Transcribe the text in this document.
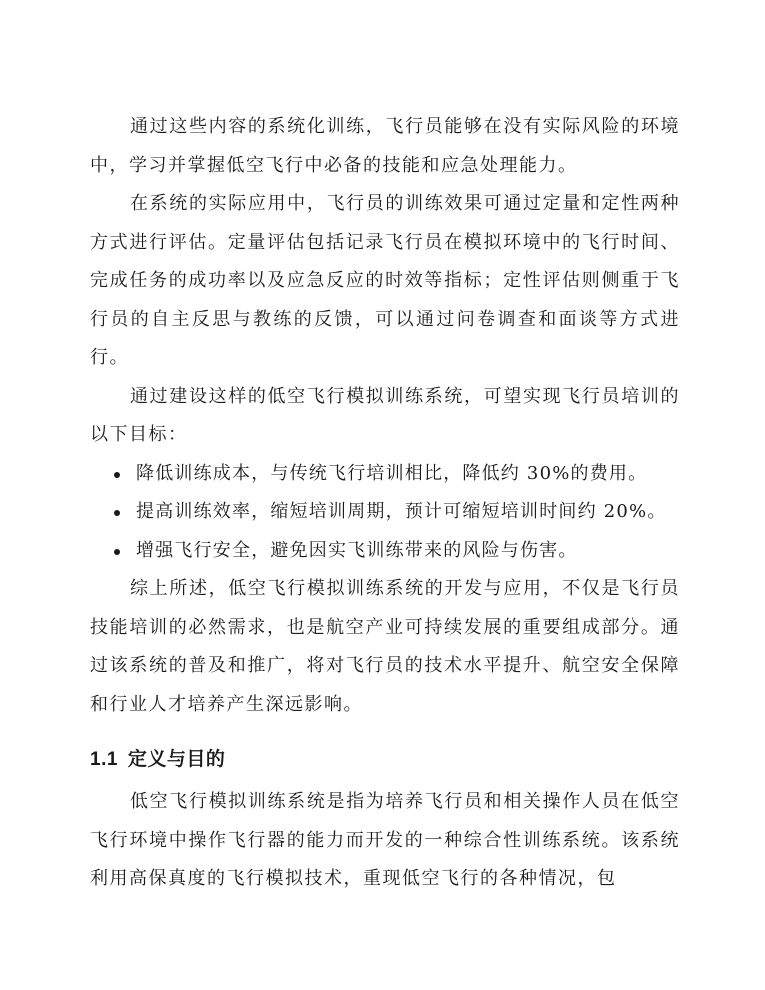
通过这些内容的系统化训练，飞行员能够在没有实际风险的环境中，学习并掌握低空飞行中必备的技能和应急处理能力。

在系统的实际应用中，飞行员的训练效果可通过定量和定性两种方式进行评估。定量评估包括记录飞行员在模拟环境中的飞行时间、完成任务的成功率以及应急反应的时效等指标；定性评估则侧重于飞行员的自主反思与教练的反馈，可以通过问卷调查和面谈等方式进行。

通过建设这样的低空飞行模拟训练系统，可望实现飞行员培训的以下目标：

降低训练成本，与传统飞行培训相比，降低约 30%的费用。
提高训练效率，缩短培训周期，预计可缩短培训时间约 20%。
增强飞行安全，避免因实飞训练带来的风险与伤害。

综上所述，低空飞行模拟训练系统的开发与应用，不仅是飞行员技能培训的必然需求，也是航空产业可持续发展的重要组成部分。通过该系统的普及和推广，将对飞行员的技术水平提升、航空安全保障和行业人才培养产生深远影响。

1.1 定义与目的

低空飞行模拟训练系统是指为培养飞行员和相关操作人员在低空飞行环境中操作飞行器的能力而开发的一种综合性训练系统。该系统利用高保真度的飞行模拟技术，重现低空飞行的各种情况，包
